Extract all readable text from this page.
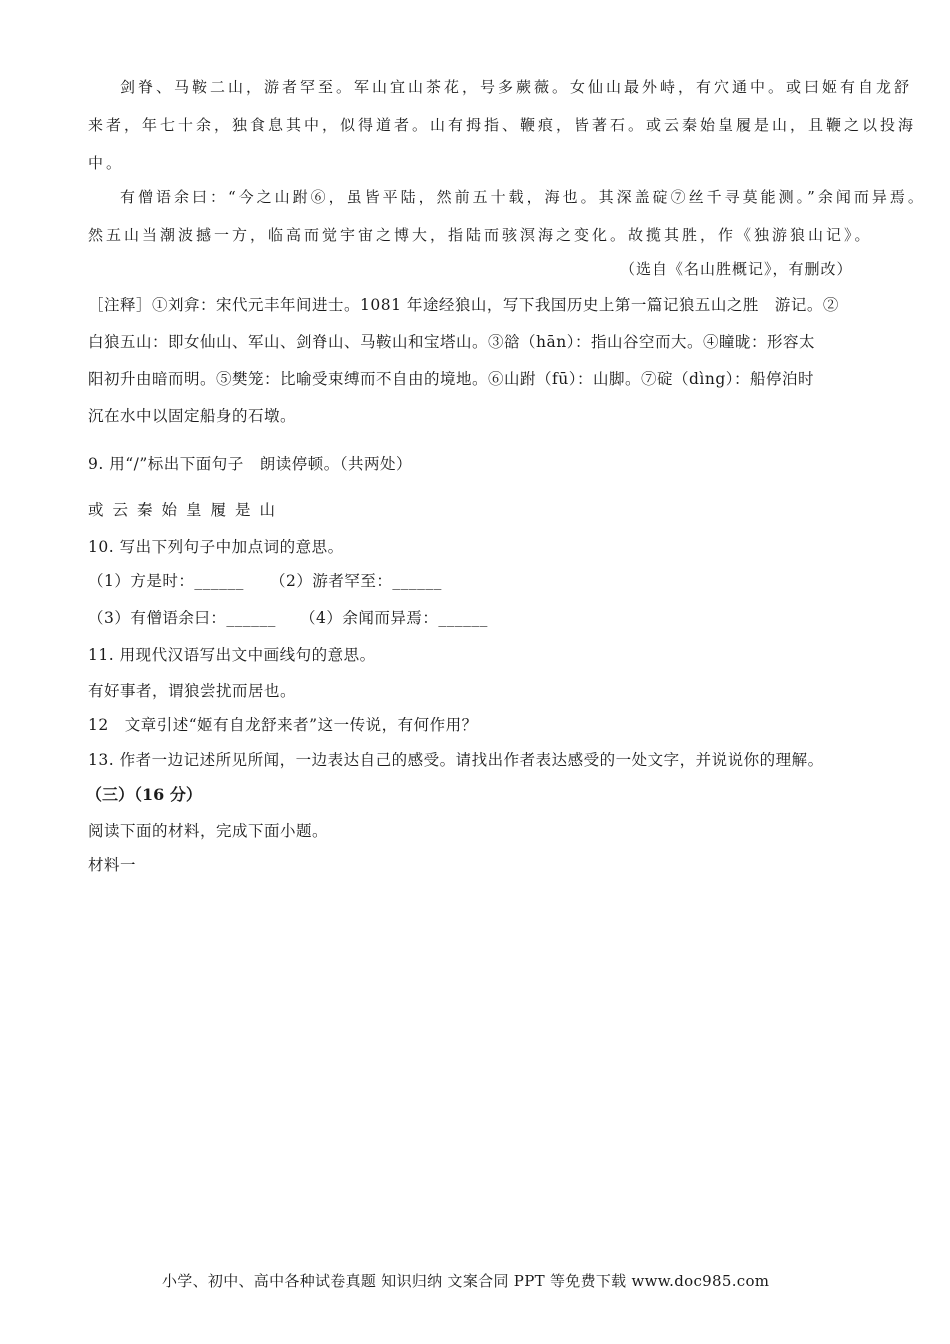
剑脊、马鞍二山，游者罕至。军山宜山茶花，号多蕨薇。女仙山最外峙，有穴通中。或曰姬有自龙舒
来者，年七十余，独食息其中，似得道者。山有拇指、鞭痕，皆著石。或云秦始皇履是山，且鞭之以投海
中。
有僧语余曰：“今之山跗⑥，虽皆平陆，然前五十载，海也。其深盖碇⑦丝千寻莫能测。”余闻而异焉。
然五山当潮波撼一方，临高而觉宇宙之博大，指陆而骇溟海之变化。故揽其胜，作《独游狼山记》。
（选自《名山胜概记》，有删改）
［注释］①刘弇：宋代元丰年间进士。1081 年途经狼山，写下我国历史上第一篇记狼五山之胜　游记。②
白狼五山：即女仙山、军山、剑脊山、马鞍山和宝塔山。③谽（hān）：指山谷空而大。④瞳昽：形容太
阳初升由暗而明。⑤樊笼：比喻受束缚而不自由的境地。⑥山跗（fū）：山脚。⑦碇（dìng）：船停泊时
沉在水中以固定船身的石墩。
9. 用“/”标出下面句子　朗读停顿。（共两处）
或云秦始皇履是山
10. 写出下列句子中加点词的意思。
（1）方是时：______ （2）游者罕至：______
（3）有僧语余曰：______ （4）余闻而异焉：______
11. 用现代汉语写出文中画线句的意思。
有好事者，谓狼尝扰而居也。
12　文章引述“姬有自龙舒来者”这一传说，有何作用？
13. 作者一边记述所见所闻，一边表达自己的感受。请找出作者表达感受的一处文字，并说说你的理解。
（三）（16 分）
阅读下面的材料，完成下面小题。
材料一
小学、初中、高中各种试卷真题 知识归纳 文案合同 PPT 等免费下载 www.doc985.com
